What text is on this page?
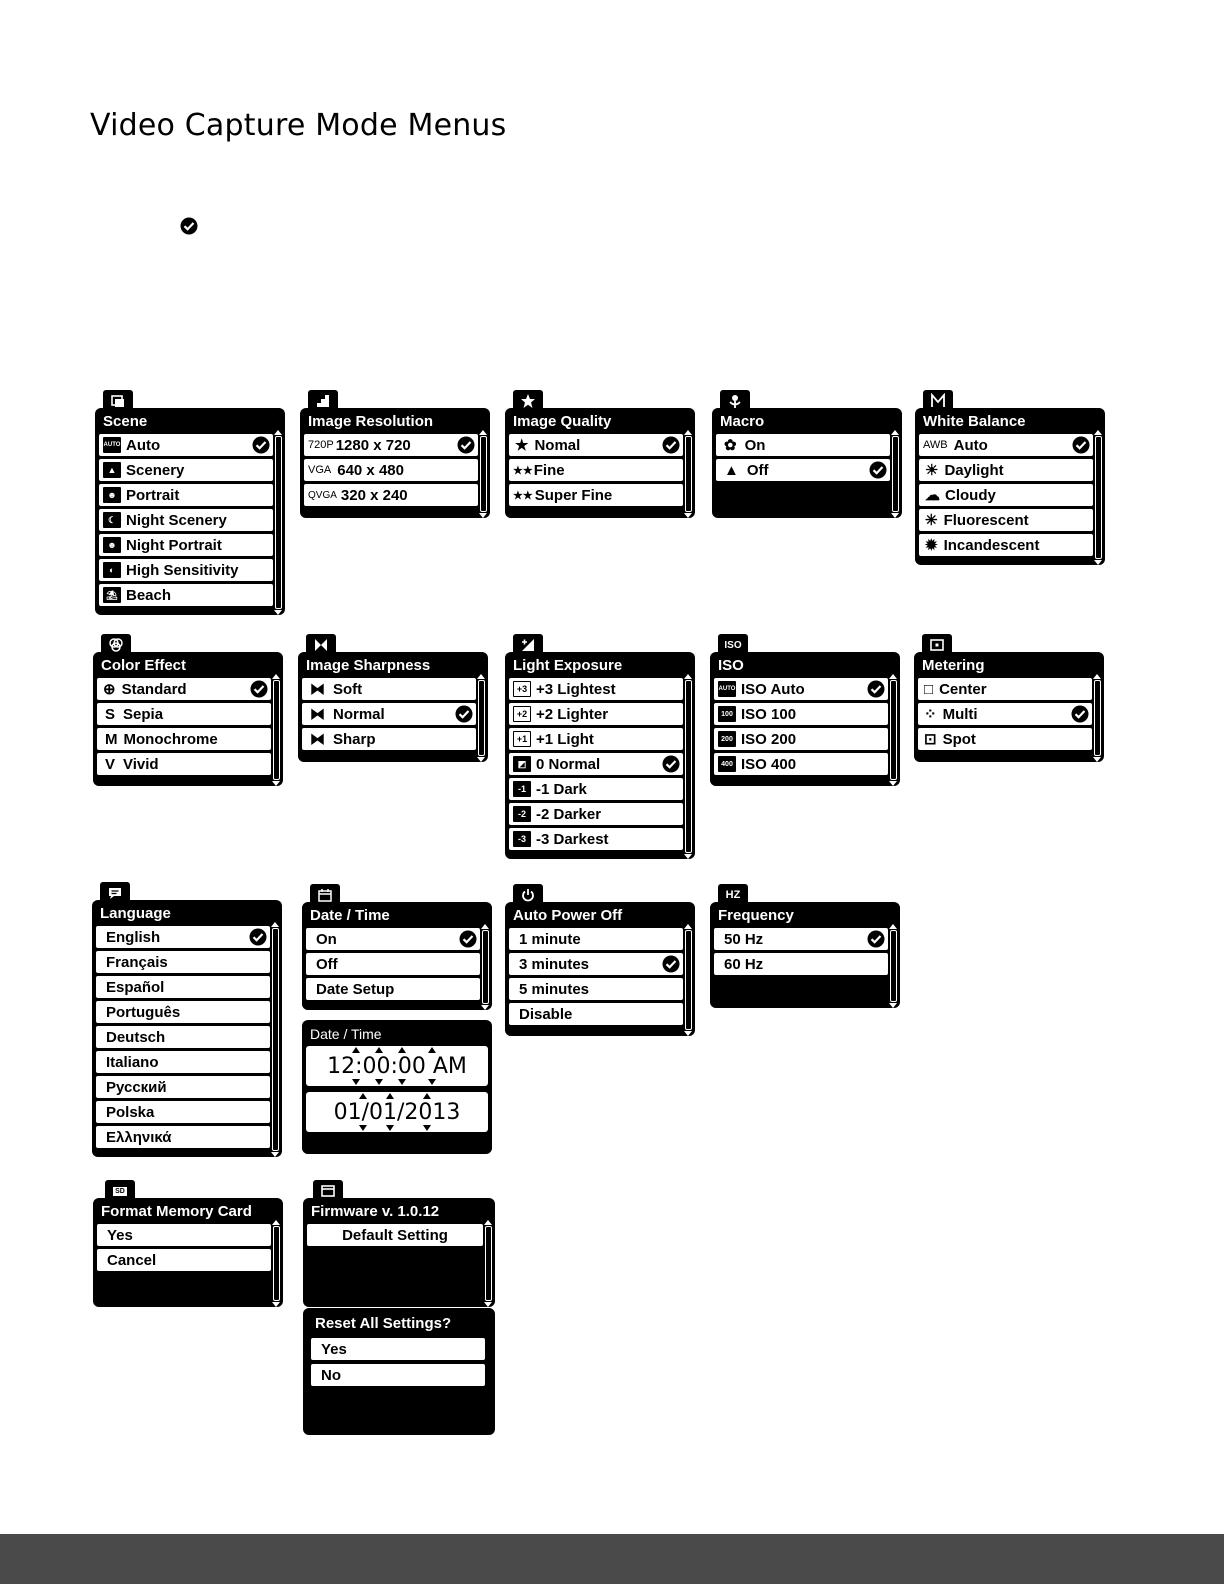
Video Capture Mode Menus
Scene
AUTO Auto
▲ Scenery
☻ Portrait
☾ Night Scenery
☻ Night Portrait
◐ High Sensitivity
⛱ Beach
Image Resolution
720P 1280 x 720
VGA 640 x 480
QVGA 320 x 240
Image Quality
★ Nomal
★★ Fine
★★ Super Fine
Macro
✿ On
▲ Off
White Balance
AWB Auto
☀ Daylight
☁ Cloudy
✳ Fluorescent
✹ Incandescent
Color Effect
⊕ Standard
S Sepia
M Monochrome
V Vivid
Image Sharpness
⧓ Soft
⧓ Normal
⧓ Sharp
Light Exposure
+3 +3 Lightest
+2 +2 Lighter
+1 +1 Light
◩ 0 Normal
-1 -1 Dark
-2 -2 Darker
-3 -3 Darkest
ISO
ISO
AUTO ISO Auto
100 ISO 100
200 ISO 200
400 ISO 400
Metering
□ Center
⁘ Multi
⊡ Spot
Language
English
Français
Español
Português
Deutsch
Italiano
Русский
Polska
Ελληνικά
Date / Time
On
Off
Date Setup
Date / Time
12:00:00 AM
01/01/2013
Auto Power Off
1 minute
3 minutes
5 minutes
Disable
HZ
Frequency
50 Hz
60 Hz
SD
Format Memory Card
Yes
Cancel
Firmware v. 1.0.12
Default Setting
Reset All Settings?
Yes
No
